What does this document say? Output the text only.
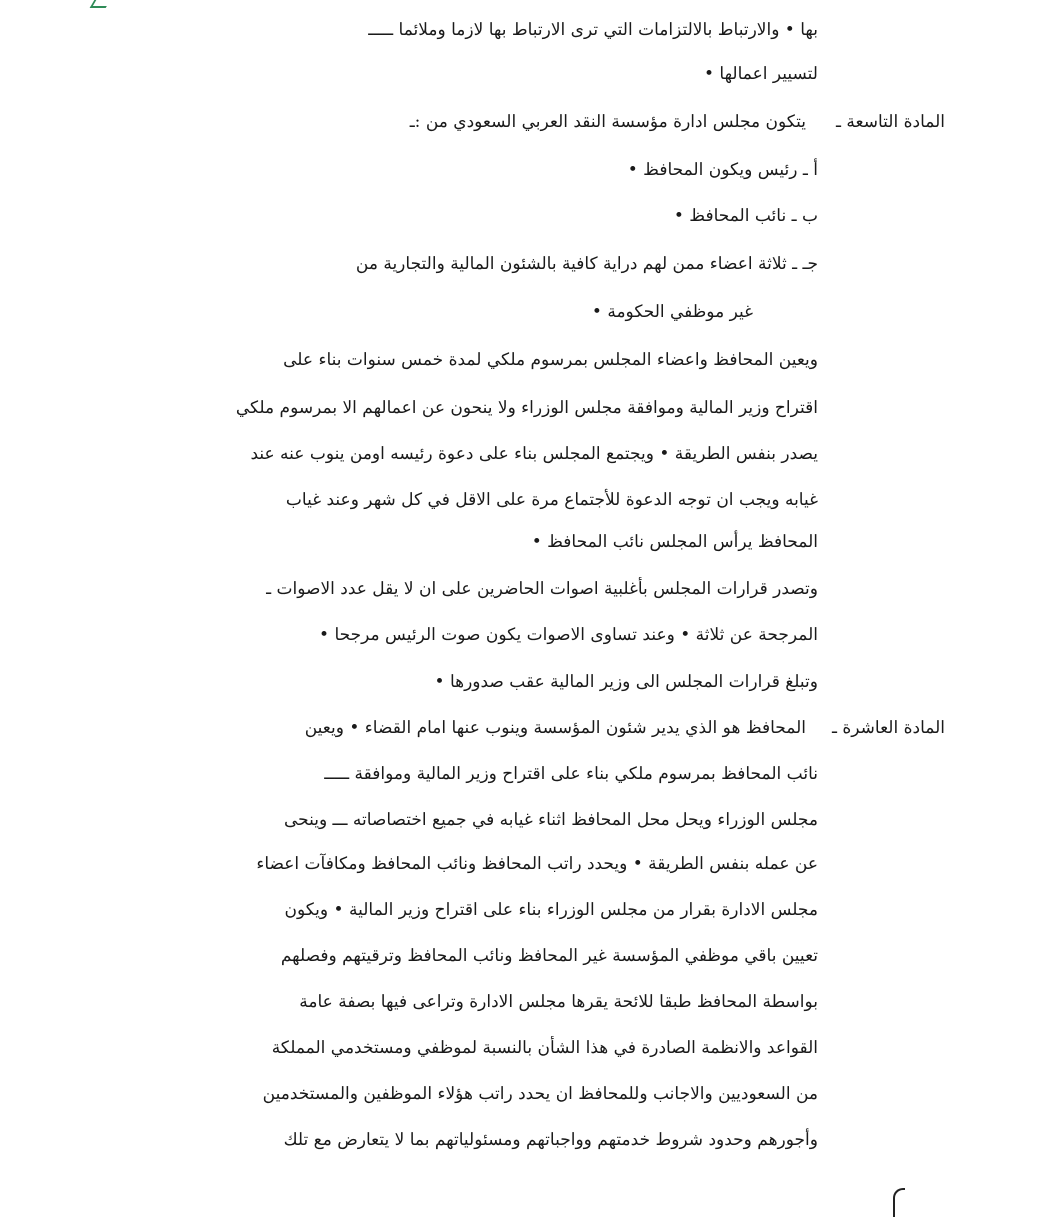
بها • والارتباط بالالتزامات التي ترى الارتباط بها لازما وملائما ـــــ
لتسيير اعمالها •
المادة التاسعة ـ
يتكون مجلس ادارة مؤسسة النقد العربي السعودي من :ـ
أ ـ رئيس ويكون المحافظ •
ب ـ نائب المحافظ •
جـ ـ ثلاثة اعضاء ممن لهم دراية كافية بالشئون المالية والتجارية من
غير موظفي الحكومة •
ويعين المحافظ واعضاء المجلس بمرسوم ملكي لمدة خمس سنوات بناء على
اقتراح وزير المالية وموافقة مجلس الوزراء ولا ينحون عن اعمالهم الا بمرسوم ملكي
يصدر بنفس الطريقة • ويجتمع المجلس بناء على دعوة رئيسه اومن ينوب عنه عند
غيابه ويجب ان توجه الدعوة للأجتماع مرة على الاقل في كل شهر وعند غياب
المحافظ يرأس المجلس نائب المحافظ •
وتصدر قرارات المجلس بأغلبية اصوات الحاضرين على ان لا يقل عدد الاصوات ـ
المرجحة عن ثلاثة • وعند تساوى الاصوات يكون صوت الرئيس مرجحا •
وتبلغ قرارات المجلس الى وزير المالية عقب صدورها •
المادة العاشرة ـ
المحافظ هو الذي يدير شئون المؤسسة وينوب عنها امام القضاء • ويعين
نائب المحافظ بمرسوم ملكي بناء على اقتراح وزير المالية وموافقة ـــــ
مجلس الوزراء ويحل محل المحافظ اثناء غيابه في جميع اختصاصاته ـــ وينحى
عن عمله بنفس الطريقة • ويحدد راتب المحافظ ونائب المحافظ ومكافآت اعضاء
مجلس الادارة بقرار من مجلس الوزراء بناء على اقتراح وزير المالية • ويكون
تعيين باقي موظفي المؤسسة غير المحافظ ونائب المحافظ وترقيتهم وفصلهم
بواسطة المحافظ طبقا للائحة يقرها مجلس الادارة وتراعى فيها بصفة عامة
القواعد والانظمة الصادرة في هذا الشأن بالنسبة لموظفي ومستخدمي المملكة
من السعوديين والاجانب وللمحافظ ان يحدد راتب هؤلاء الموظفين والمستخدمين
وأجورهم وحدود شروط خدمتهم وواجباتهم ومسئولياتهم بما لا يتعارض مع تلك
